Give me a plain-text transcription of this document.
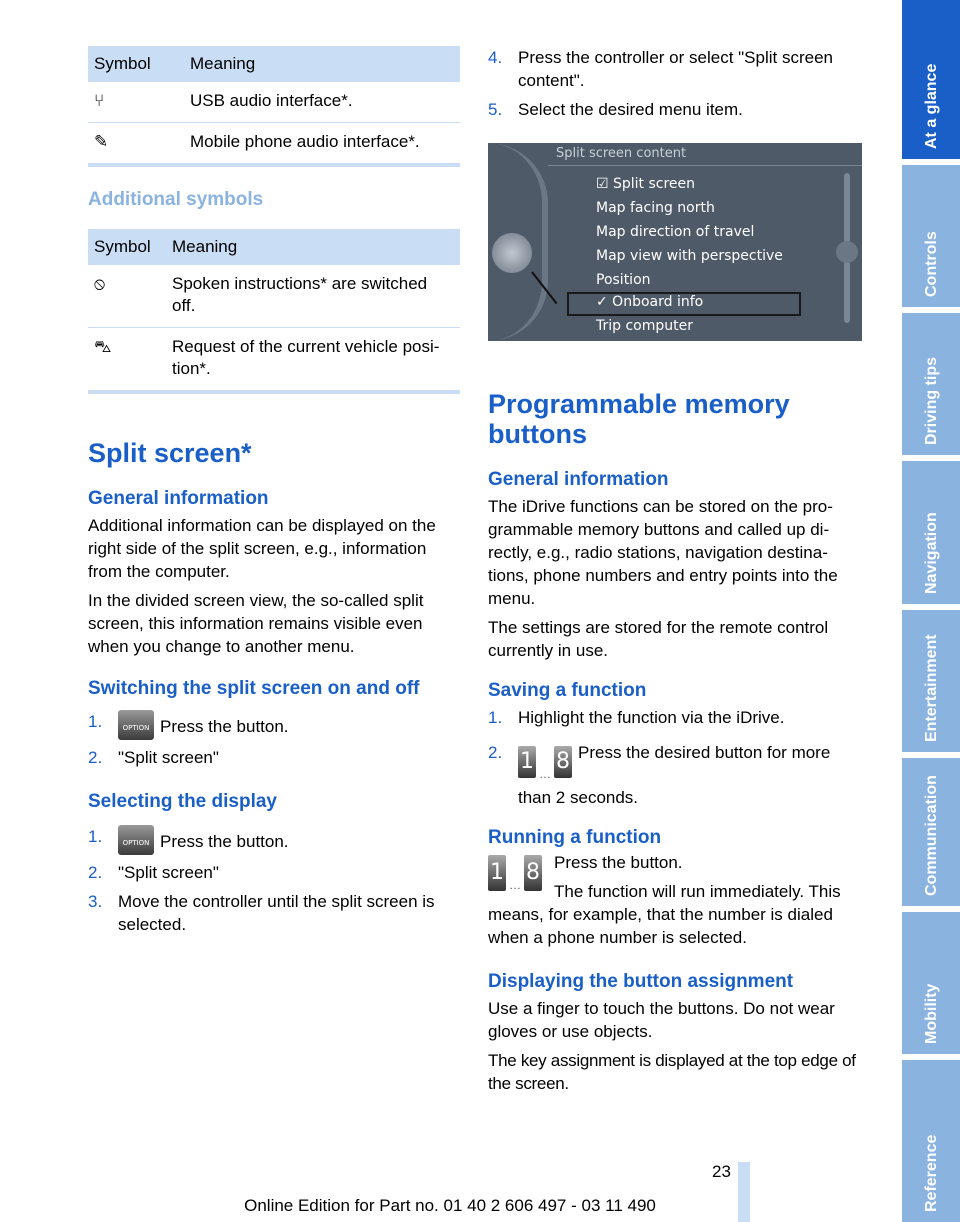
Symbol	Meaning
⑂	USB audio interface*.
✎	Mobile phone audio interface*.
Additional symbols
Symbol	Meaning
⦸	Spoken instructions* are switched off.
⛍	Request of the current vehicle posi-tion*.
Split screen*
General information

Additional information can be displayed on the right side of the split screen, e.g., information from the computer.

In the divided screen view, the so-called split screen, this information remains visible even when you change to another menu.

Switching the split screen on and off
1.	OPTION Press the button.
2. "Split screen"
Selecting the display
1.	OPTION Press the button.
2. "Split screen"
3. Move the controller until the split screen is selected.
4. Press the controller or select "Split screen content".
5. Select the desired menu item.
Split screen content
☑ Split screen
Map facing north
Map direction of travel
Map view with perspective
Position
✓ Onboard info
Trip computer
Programmable memory
buttons
General information

The iDrive functions can be stored on the pro-grammable memory buttons and called up di-rectly, e.g., radio stations, navigation destina-tions, phone numbers and entry points into the menu.

The settings are stored for the remote control currently in use.

Saving a function
1. Highlight the function via the iDrive.
2. 1 … 8 Press the desired button for more than 2 seconds.
Running a function
1 … 8 Press the button.

The function will run immediately. This means, for example, that the number is dialed when a phone number is selected.

Displaying the button assignment

Use a finger to touch the buttons. Do not wear gloves or use objects.

The key assignment is displayed at the top edge of the screen.

At a glance
Controls
Driving tips
Navigation
Entertainment
Communication
Mobility
Reference
23
Online Edition for Part no. 01 40 2 606 497 - 03 11 490
